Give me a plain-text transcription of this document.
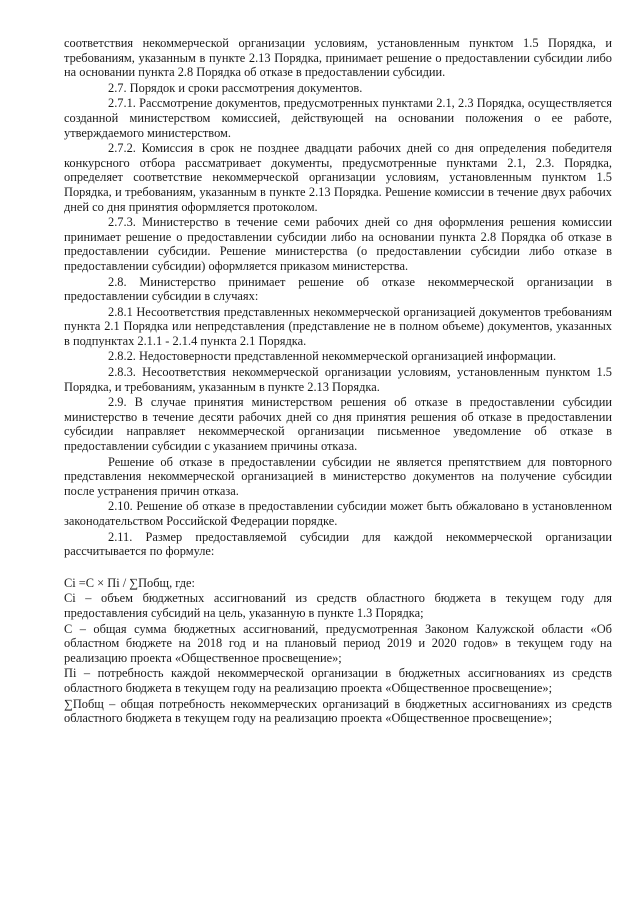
соответствия некоммерческой организации условиям, установленным пунктом 1.5 Порядка, и требованиям, указанным в пункте 2.13 Порядка, принимает решение о предоставлении субсидии либо на основании пункта 2.8 Порядка об отказе в предоставлении субсидии.

2.7. Порядок и сроки рассмотрения документов.

2.7.1. Рассмотрение документов, предусмотренных пунктами 2.1, 2.3 Порядка, осуществляется созданной министерством комиссией, действующей на основании положения о ее работе, утверждаемого министерством.

2.7.2. Комиссия в срок не позднее двадцати рабочих дней со дня определения победителя конкурсного отбора рассматривает документы, предусмотренные пунктами 2.1, 2.3. Порядка, определяет соответствие некоммерческой организации условиям, установленным пунктом 1.5 Порядка, и требованиям, указанным в пункте 2.13 Порядка. Решение комиссии в течение двух рабочих дней со дня принятия оформляется протоколом.

2.7.3. Министерство в течение семи рабочих дней со дня оформления решения комиссии принимает решение о предоставлении субсидии либо на основании пункта 2.8 Порядка об отказе в предоставлении субсидии. Решение министерства (о предоставлении субсидии либо отказе в предоставлении субсидии) оформляется приказом министерства.

2.8. Министерство принимает решение об отказе некоммерческой организации в предоставлении субсидии в случаях:

2.8.1 Несоответствия представленных некоммерческой организацией документов требованиям пункта 2.1 Порядка или непредставления (представление не в полном объеме) документов, указанных в подпунктах 2.1.1 - 2.1.4 пункта 2.1 Порядка.

2.8.2. Недостоверности представленной некоммерческой организацией информации.

2.8.3. Несоответствия некоммерческой организации условиям, установленным пунктом 1.5 Порядка, и требованиям, указанным в пункте 2.13 Порядка.

2.9. В случае принятия министерством решения об отказе в предоставлении субсидии министерство в течение десяти рабочих дней со дня принятия решения об отказе в предоставлении субсидии направляет некоммерческой организации письменное уведомление об отказе в предоставлении субсидии с указанием причины отказа.

Решение об отказе в предоставлении субсидии не является препятствием для повторного представления некоммерческой организацией в министерство документов на получение субсидии после устранения причин отказа.

2.10. Решение об отказе в предоставлении субсидии может быть обжаловано в установленном законодательством Российской Федерации порядке.

2.11. Размер предоставляемой субсидии для каждой некоммерческой организации рассчитывается по формуле:

Ci =C × Пi / ∑Побщ, где:

Ci – объем бюджетных ассигнований из средств областного бюджета в текущем году для предоставления субсидий на цель, указанную в пункте 1.3 Порядка;

С – общая сумма бюджетных ассигнований, предусмотренная Законом Калужской области «Об областном бюджете на 2018 год и на плановый период 2019 и 2020 годов» в текущем году на реализацию проекта «Общественное просвещение»;

Пi – потребность каждой некоммерческой организации в бюджетных ассигнованиях из средств областного бюджета в текущем году на реализацию проекта «Общественное просвещение»;

∑Побщ – общая потребность некоммерческих организаций в бюджетных ассигнованиях из средств областного бюджета в текущем году на реализацию проекта «Общественное просвещение»;
